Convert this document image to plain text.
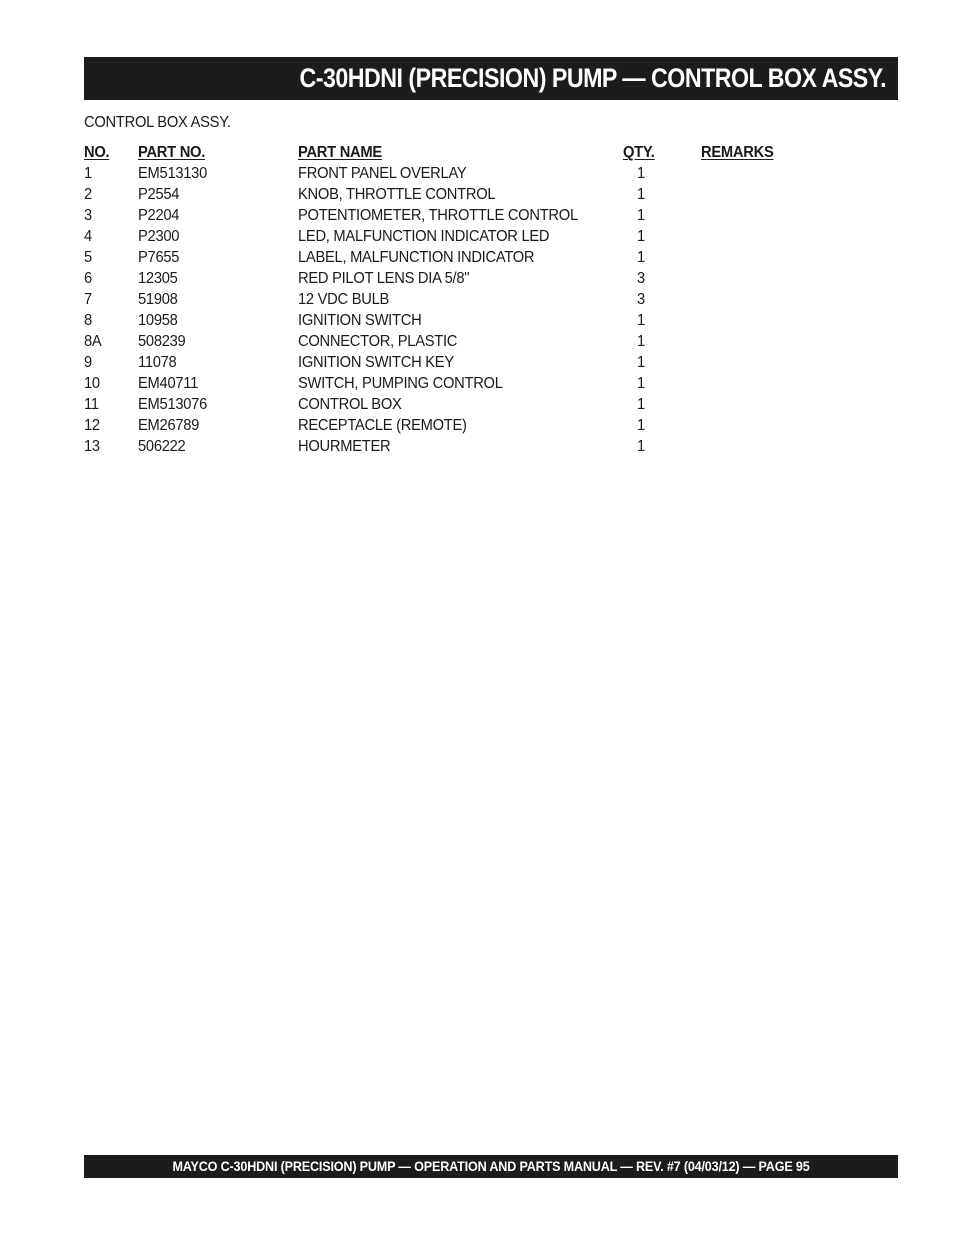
C-30HDNI (PRECISION) PUMP — CONTROL BOX ASSY.
CONTROL BOX ASSY.
NO. PART NO.	PART NAME	QTY.	REMARKS
1	EM513130	FRONT PANEL OVERLAY	1
2	P2554	KNOB, THROTTLE CONTROL	1
3	P2204	POTENTIOMETER, THROTTLE CONTROL	1
4	P2300	LED, MALFUNCTION INDICATOR LED	1
5	P7655	LABEL, MALFUNCTION INDICATOR	1
6	12305	RED PILOT LENS DIA 5/8"	3
7	51908	12 VDC BULB	3
8	10958	IGNITION SWITCH	1
8A 508239	CONNECTOR, PLASTIC	1
9	11078	IGNITION SWITCH KEY	1
10 EM40711	SWITCH, PUMPING CONTROL	1
11 EM513076	CONTROL BOX	1
12 EM26789	RECEPTACLE (REMOTE)	1
13 506222	HOURMETER	1
MAYCO C-30HDNI (PRECISION) PUMP — OPERATION AND PARTS MANUAL — REV. #7 (04/03/12) — PAGE 95
